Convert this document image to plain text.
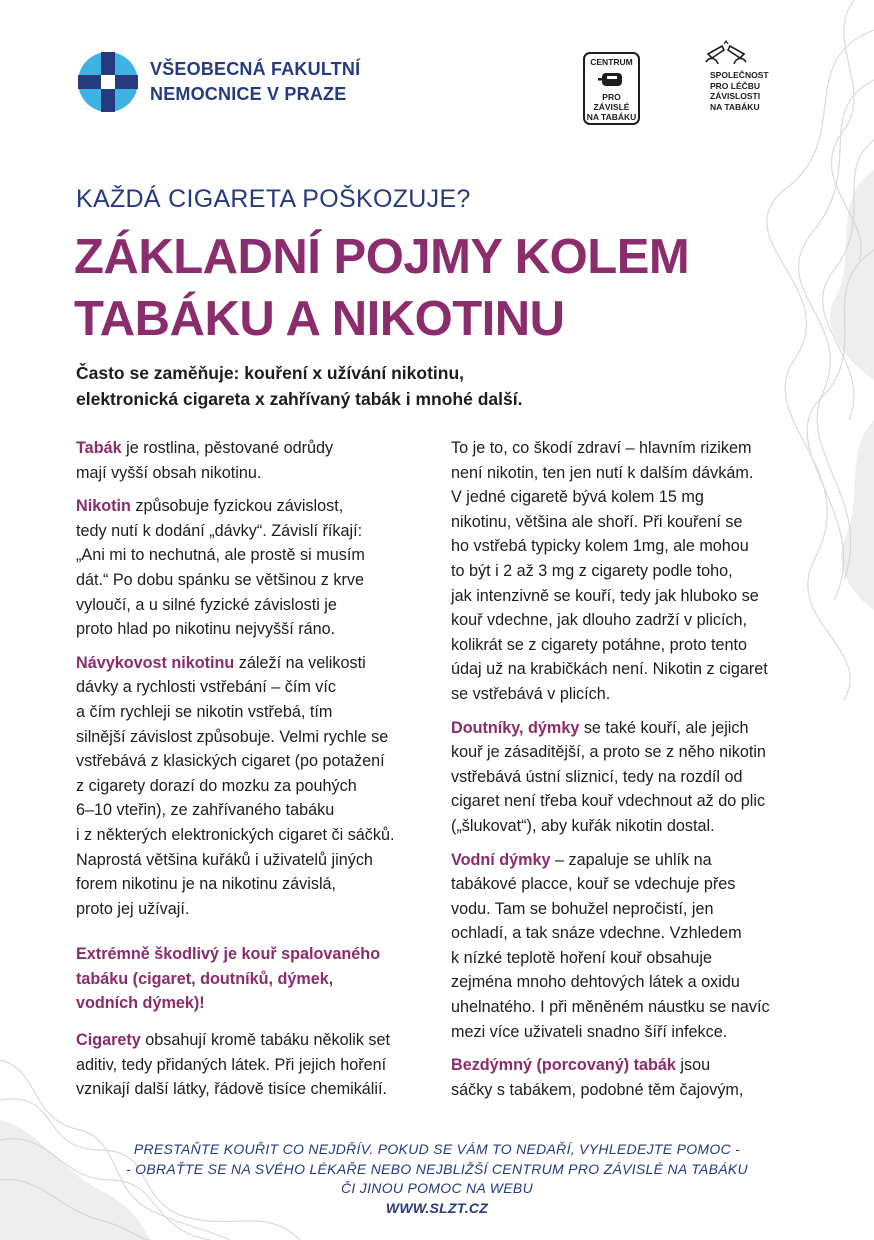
VŠEOBECNÁ FAKULTNÍ
NEMOCNICE V PRAZE
CENTRUM
PRO ZÁVISLÉ
NA TABÁKU
SPOLEČNOST
PRO LÉČBU
ZÁVISLOSTI
NA TABÁKU
KAŽDÁ CIGARETA POŠKOZUJE?
ZÁKLADNÍ POJMY KOLEM
TABÁKU A NIKOTINU
Často se zaměňuje: kouření x užívání nikotinu,
elektronická cigareta x zahřívaný tabák i mnohé další.
Tabák je rostlina, pěstované odrůdy
mají vyšší obsah nikotinu.
Nikotin způsobuje fyzickou závislost,
tedy nutí k dodání „dávky“. Závislí říkají:
„Ani mi to nechutná, ale prostě si musím
dát.“ Po dobu spánku se většinou z krve
vyloučí, a u silné fyzické závislosti je
proto hlad po nikotinu nejvyšší ráno.
Návykovost nikotinu záleží na velikosti
dávky a rychlosti vstřebání – čím víc
a čím rychleji se nikotin vstřebá, tím
silnější závislost způsobuje. Velmi rychle se
vstřebává z klasických cigaret (po potažení
z cigarety dorazí do mozku za pouhých
6–10 vteřin), ze zahřívaného tabáku
i z některých elektronických cigaret či sáčků.
Naprostá většina kuřáků i uživatelů jiných
forem nikotinu je na nikotinu závislá,
proto jej užívají.
Extrémně škodlivý je kouř spalovaného
tabáku (cigaret, doutníků, dýmek,
vodních dýmek)!
Cigarety obsahují kromě tabáku několik set
aditiv, tedy přidaných látek. Při jejich hoření
vznikají další látky, řádově tisíce chemikálií.
To je to, co škodí zdraví – hlavním rizikem
není nikotin, ten jen nutí k dalším dávkám.
V jedné cigaretě bývá kolem 15 mg
nikotinu, většina ale shoří. Při kouření se
ho vstřebá typicky kolem 1mg, ale mohou
to být i 2 až 3 mg z cigarety podle toho,
jak intenzivně se kouří, tedy jak hluboko se
kouř vdechne, jak dlouho zadrží v plicích,
kolikrát se z cigarety potáhne, proto tento
údaj už na krabičkách není. Nikotin z cigaret
se vstřebává v plicích.
Doutníky, dýmky se také kouří, ale jejich
kouř je zásaditější, a proto se z něho nikotin
vstřebává ústní sliznicí, tedy na rozdíl od
cigaret není třeba kouř vdechnout až do plic
(„šlukovat“), aby kuřák nikotin dostal.
Vodní dýmky – zapaluje se uhlík na
tabákové placce, kouř se vdechuje přes
vodu. Tam se bohužel nepročistí, jen
ochladí, a tak snáze vdechne. Vzhledem
k nízké teplotě hoření kouř obsahuje
zejména mnoho dehtových látek a oxidu
uhelnatého. I při měněném náustku se navíc
mezi více uživateli snadno šíří infekce.
Bezdýmný (porcovaný) tabák jsou
sáčky s tabákem, podobné těm čajovým,
PRESTAŇTE KOUŘIT CO NEJDŘÍV. POKUD SE VÁM TO NEDAŘÍ, VYHLEDEJTE POMOC -
- OBRAŤTE SE NA SVÉHO LÉKAŘE NEBO NEJBLIŽŠÍ CENTRUM PRO ZÁVISLÉ NA TABÁKU
ČI JINOU POMOC NA WEBU
WWW.SLZT.CZ
